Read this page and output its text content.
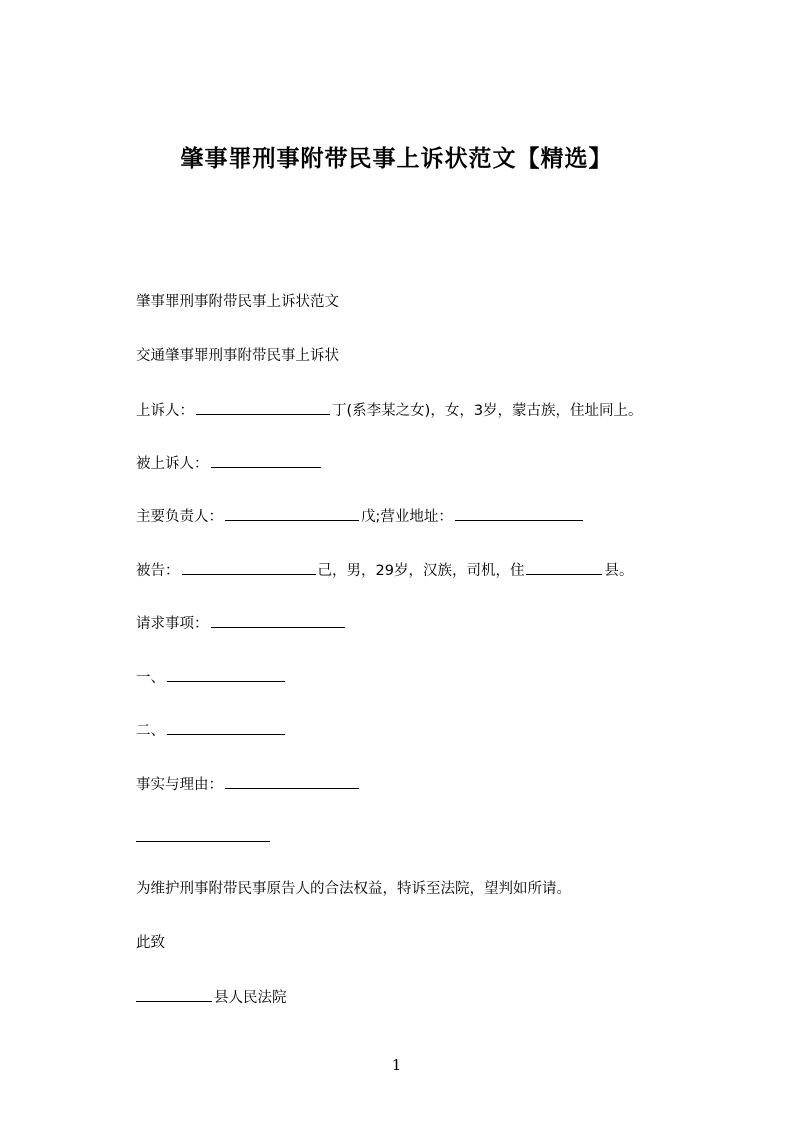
肇事罪刑事附带民事上诉状范文【精选】
肇事罪刑事附带民事上诉状范文
交通肇事罪刑事附带民事上诉状
上诉人：	丁(系李某之女)，女，3岁，蒙古族，住址同上。
被上诉人：
主要负责人：	戊;营业地址：
被告：	己，男，29岁，汉族，司机，住	县。
请求事项：
一、
二、
事实与理由：
为维护刑事附带民事原告人的合法权益，特诉至法院，望判如所请。
此致
县人民法院
1
